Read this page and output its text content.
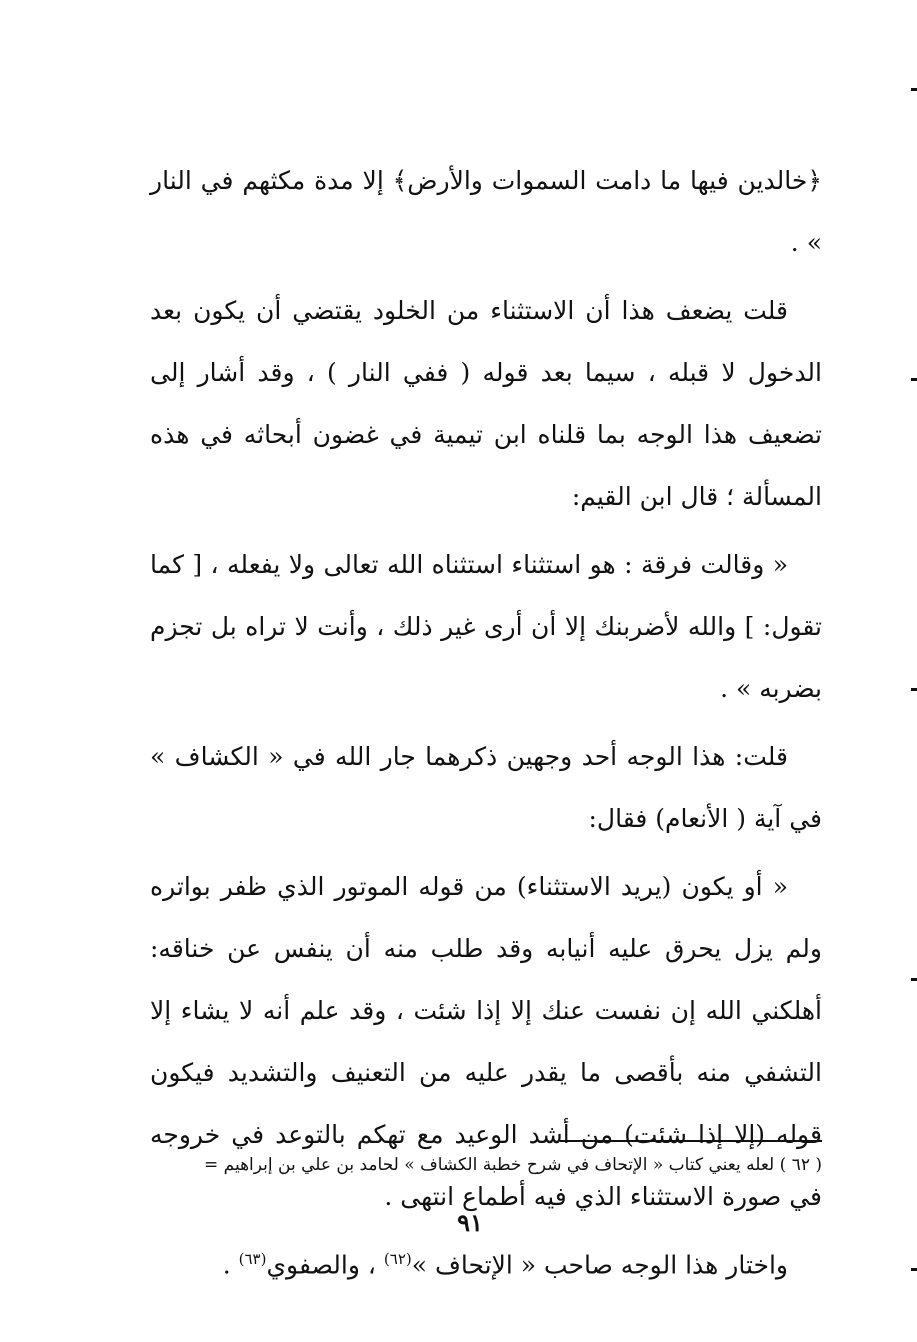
﴿خالدين فيها ما دامت السموات والأرض﴾ إلا مدة مكثهم في النار » .

قلت يضعف هذا أن الاستثناء من الخلود يقتضي أن يكون بعد الدخول لا قبله ، سيما بعد قوله ( ففي النار ) ، وقد أشار إلى تضعيف هذا الوجه بما قلناه ابن تيمية في غضون أبحاثه في هذه المسألة ؛ قال ابن القيم:

« وقالت فرقة : هو استثناء استثناه الله تعالى ولا يفعله ، [ كما تقول: ] والله لأضربنك إلا أن أرى غير ذلك ، وأنت لا تراه بل تجزم بضربه » .

قلت: هذا الوجه أحد وجهين ذكرهما جار الله في « الكشاف » في آية ( الأنعام) فقال:

« أو يكون (يريد الاستثناء) من قوله الموتور الذي ظفر بواتره ولم يزل يحرق عليه أنيابه وقد طلب منه أن ينفس عن خناقه: أهلكني الله إن نفست عنك إلا إذا شئت ، وقد علم أنه لا يشاء إلا التشفي منه بأقصى ما يقدر عليه من التعنيف والتشديد فيكون قوله (إلا إذا شئت) من أشد الوعيد مع تهكم بالتوعد في خروجه في صورة الاستثناء الذي فيه أطماع انتهى .

واختار هذا الوجه صاحب « الإتحاف »$^{(٦٢)}$ ، والصفوي$^{(٦٣)}$ .

( ٦٢ ) لعله يعني كتاب « الإتحاف في شرح خطبة الكشاف » لحامد بن علي بن إبراهيم =
٩١
